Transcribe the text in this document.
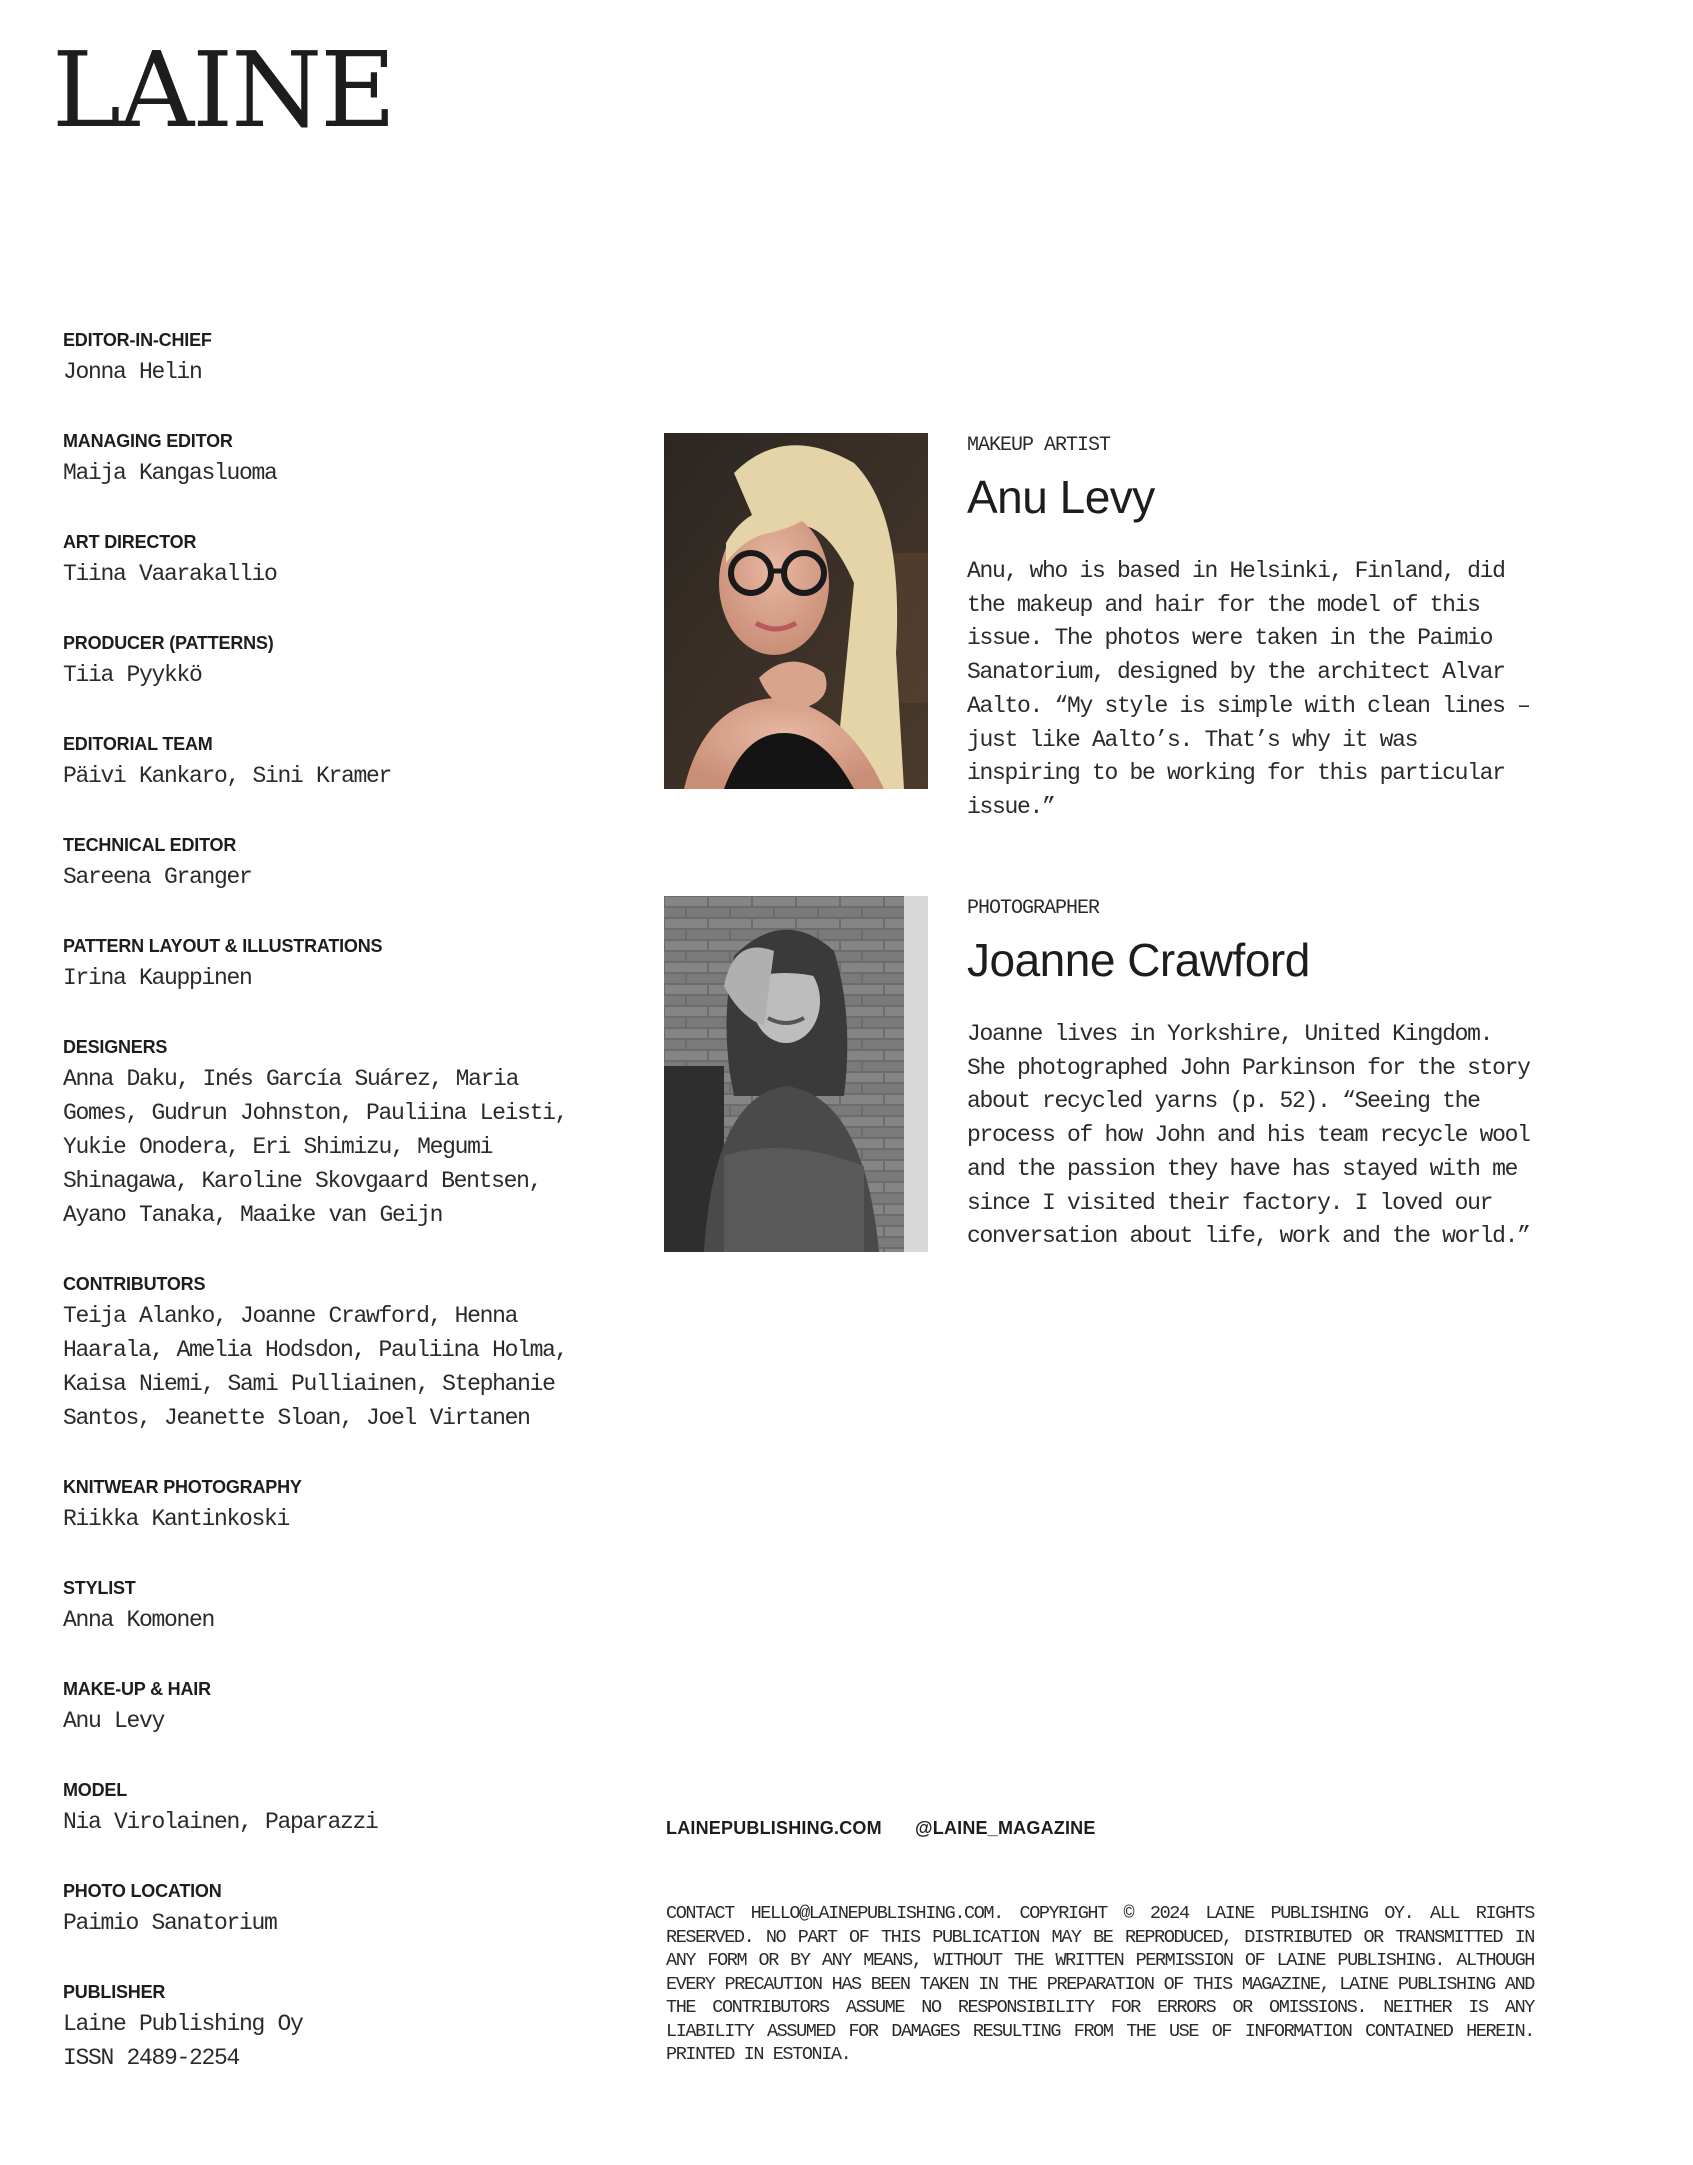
LAINE
EDITOR-IN-CHIEF
Jonna Helin
MANAGING EDITOR
Maija Kangasluoma
ART DIRECTOR
Tiina Vaarakallio
PRODUCER (PATTERNS)
Tiia Pyykkö
EDITORIAL TEAM
Päivi Kankaro, Sini Kramer
TECHNICAL EDITOR
Sareena Granger
PATTERN LAYOUT & ILLUSTRATIONS
Irina Kauppinen
DESIGNERS
Anna Daku, Inés García Suárez, Maria Gomes, Gudrun Johnston, Pauliina Leisti, Yukie Onodera, Eri Shimizu, Megumi Shinagawa, Karoline Skovgaard Bentsen, Ayano Tanaka, Maaike van Geijn
CONTRIBUTORS
Teija Alanko, Joanne Crawford, Henna Haarala, Amelia Hodsdon, Pauliina Holma, Kaisa Niemi, Sami Pulliainen, Stephanie Santos, Jeanette Sloan, Joel Virtanen
KNITWEAR PHOTOGRAPHY
Riikka Kantinkoski
STYLIST
Anna Komonen
MAKE-UP & HAIR
Anu Levy
MODEL
Nia Virolainen, Paparazzi
PHOTO LOCATION
Paimio Sanatorium
PUBLISHER
Laine Publishing Oy
ISSN 2489-2254
MAKEUP ARTIST
Anu Levy
Anu, who is based in Helsinki, Finland, did the makeup and hair for the model of this issue. The photos were taken in the Paimio Sanatorium, designed by the architect Alvar Aalto. “My style is simple with clean lines – just like Aalto’s. That’s why it was inspiring to be working for this particular issue.”
PHOTOGRAPHER
Joanne Crawford
Joanne lives in Yorkshire, United Kingdom. She photographed John Parkinson for the story about recycled yarns (p. 52). “Seeing the process of how John and his team recycle wool and the passion they have has stayed with me since I visited their factory. I loved our conversation about life, work and the world.”
LAINEPUBLISHING.COM @LAINE_MAGAZINE
CONTACT HELLO@LAINEPUBLISHING.COM. COPYRIGHT © 2024 LAINE PUBLISHING OY. ALL RIGHTS RESERVED. NO PART OF THIS PUBLICATION MAY BE REPRODUCED, DISTRIBUTED OR TRANSMITTED IN ANY FORM OR BY ANY MEANS, WITHOUT THE WRITTEN PERMISSION OF LAINE PUBLISHING. ALTHOUGH EVERY PRECAUTION HAS BEEN TAKEN IN THE PREPARATION OF THIS MAGAZINE, LAINE PUBLISHING AND THE CONTRIBUTORS ASSUME NO RESPONSIBILITY FOR ERRORS OR OMISSIONS. NEITHER IS ANY LIABILITY ASSUMED FOR DAMAGES RESULTING FROM THE USE OF INFORMATION CONTAINED HEREIN. PRINTED IN ESTONIA.
